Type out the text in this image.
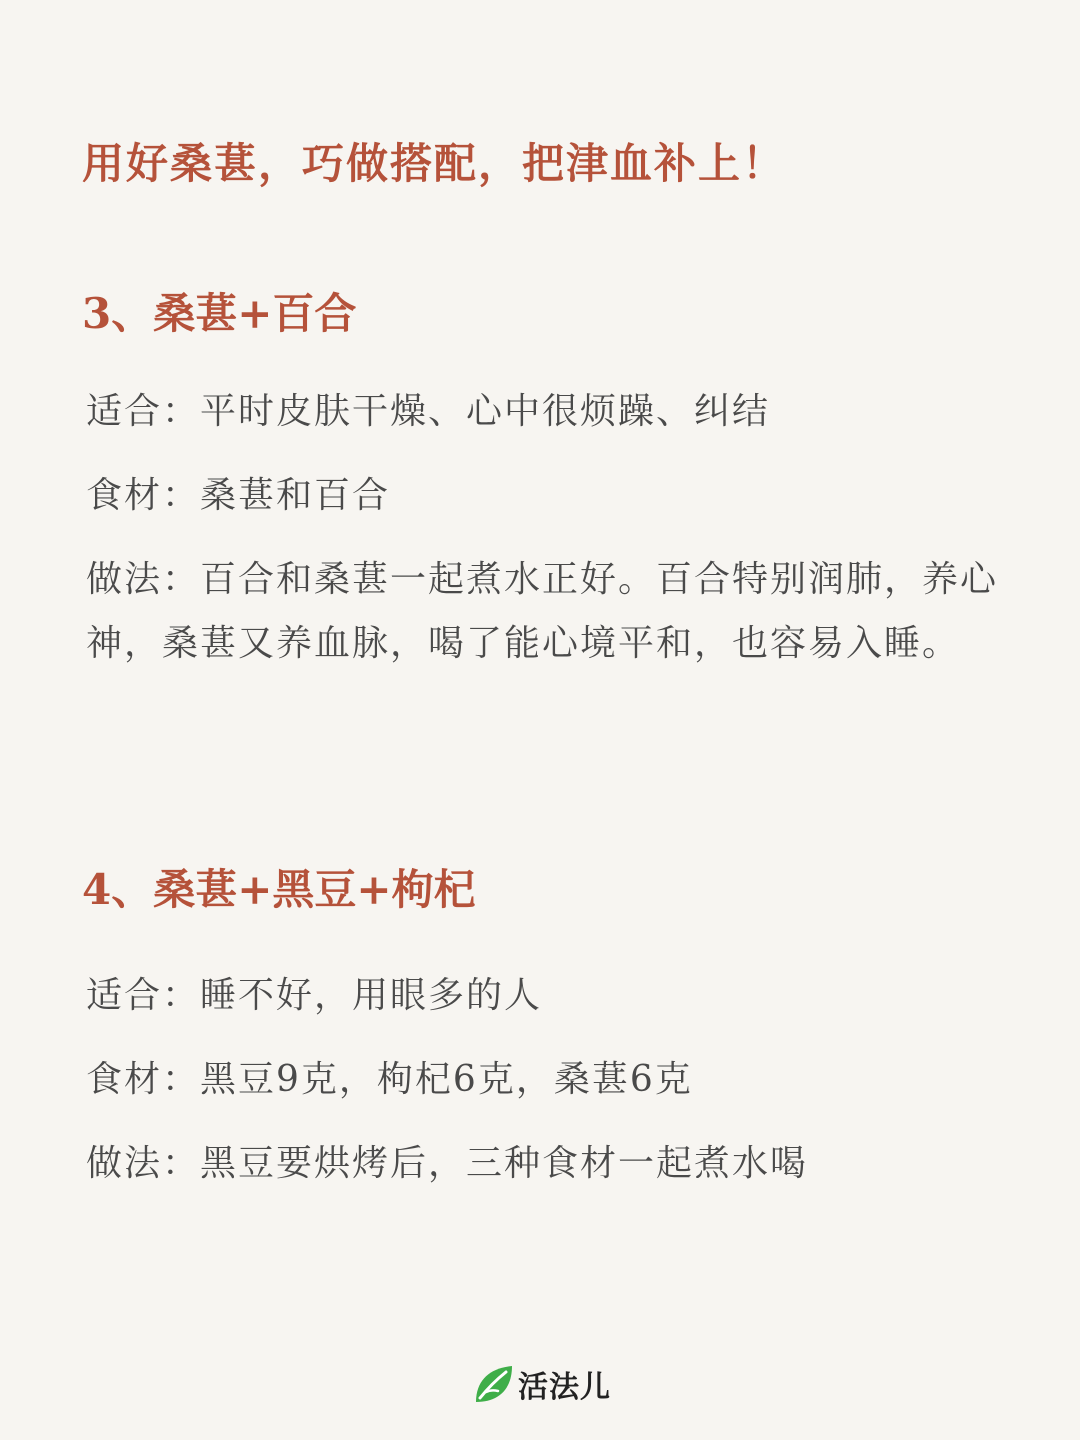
用好桑葚，巧做搭配，把津血补上！
3、桑葚+百合
适合：平时皮肤干燥、心中很烦躁、纠结
食材：桑葚和百合
做法：百合和桑葚一起煮水正好。百合特别润肺，养心神，桑葚又养血脉，喝了能心境平和，也容易入睡。
4、桑葚+黑豆+枸杞
适合：睡不好，用眼多的人
食材：黑豆9克，枸杞6克，桑葚6克
做法：黑豆要烘烤后，三种食材一起煮水喝
活法儿
